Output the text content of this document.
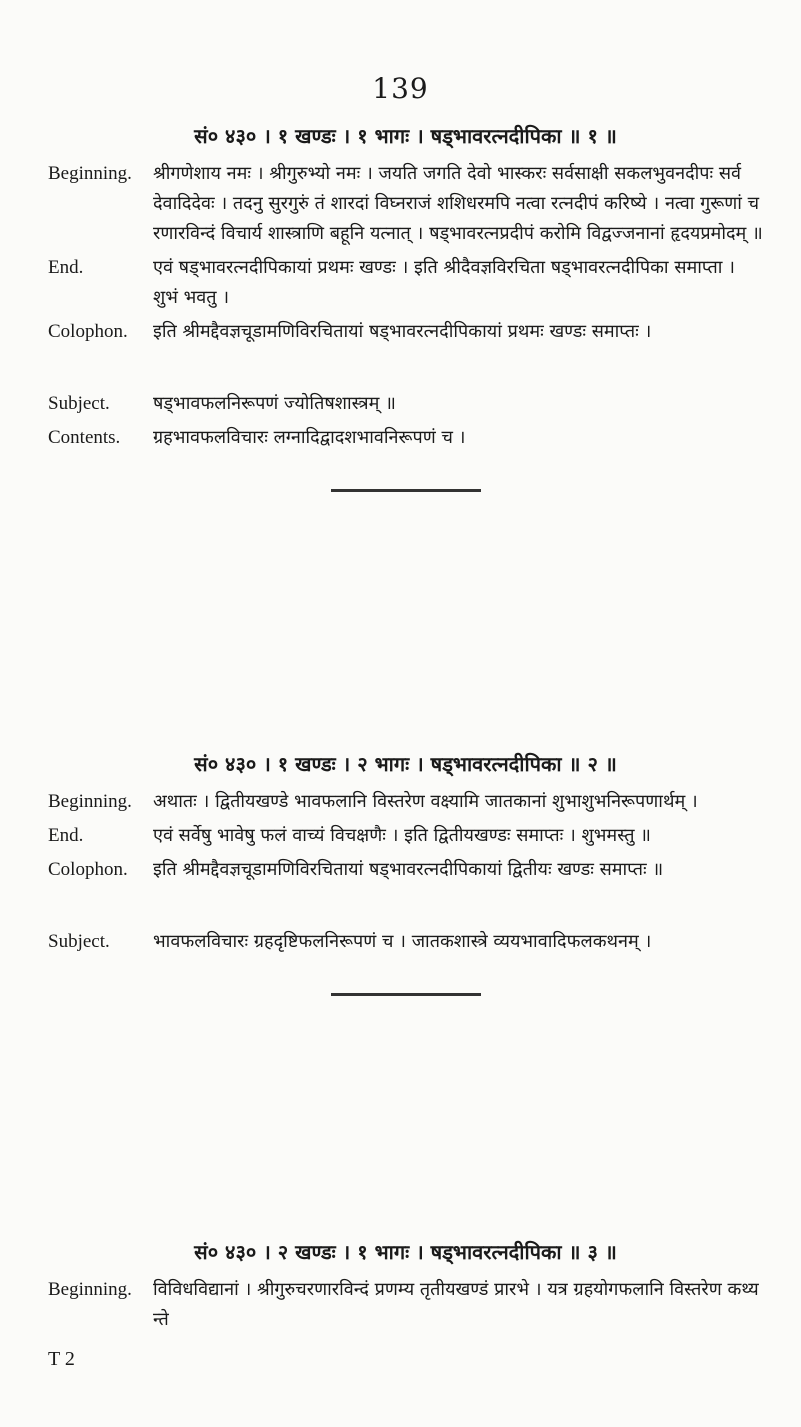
139
सं० ४३० । १ खण्डः । १ भागः । षड्भावरत्नदीपिका ॥ १ ॥
Beginning.	श्रीगणेशाय नमः । श्रीगुरुभ्यो नमः । जयति जगति देवो भास्करः सर्वसाक्षी सकलभुवनदीपः सर्वदेवादिदेवः । तदनु सुरगुरुं तं शारदां विघ्नराजं शशिधरमपि नत्वा रत्नदीपं करिष्ये । नत्वा गुरूणां चरणारविन्दं विचार्य शास्त्राणि बहूनि यत्नात् । षड्भावरत्नप्रदीपं करोमि विद्वज्जनानां हृदयप्रमोदम् ॥
End.	एवं षड्भावरत्नदीपिकायां प्रथमः खण्डः । इति श्रीदैवज्ञविरचिता षड्भावरत्नदीपिका समाप्ता । शुभं भवतु ।
Colophon.	इति श्रीमद्दैवज्ञचूडामणिविरचितायां षड्भावरत्नदीपिकायां प्रथमः खण्डः समाप्तः ।
Subject.	षड्भावफलनिरूपणं ज्योतिषशास्त्रम् ॥
Contents.	ग्रहभावफलविचारः लग्नादिद्वादशभावनिरूपणं च ।
सं० ४३० । १ खण्डः । २ भागः । षड्भावरत्नदीपिका ॥ २ ॥
Beginning.	अथातः । द्वितीयखण्डे भावफलानि विस्तरेण वक्ष्यामि जातकानां शुभाशुभनिरूपणार्थम् ।
End.	एवं सर्वेषु भावेषु फलं वाच्यं विचक्षणैः । इति द्वितीयखण्डः समाप्तः । शुभमस्तु ॥
Colophon.	इति श्रीमद्दैवज्ञचूडामणिविरचितायां षड्भावरत्नदीपिकायां द्वितीयः खण्डः समाप्तः ॥
Subject.	भावफलविचारः ग्रहदृष्टिफलनिरूपणं च । जातकशास्त्रे व्ययभावादिफलकथनम् ।
सं० ४३० । २ खण्डः । १ भागः । षड्भावरत्नदीपिका ॥ ३ ॥
Beginning.	विविधविद्यानां । श्रीगुरुचरणारविन्दं प्रणम्य तृतीयखण्डं प्रारभे । यत्र ग्रहयोगफलानि विस्तरेण कथ्यन्ते
T 2
